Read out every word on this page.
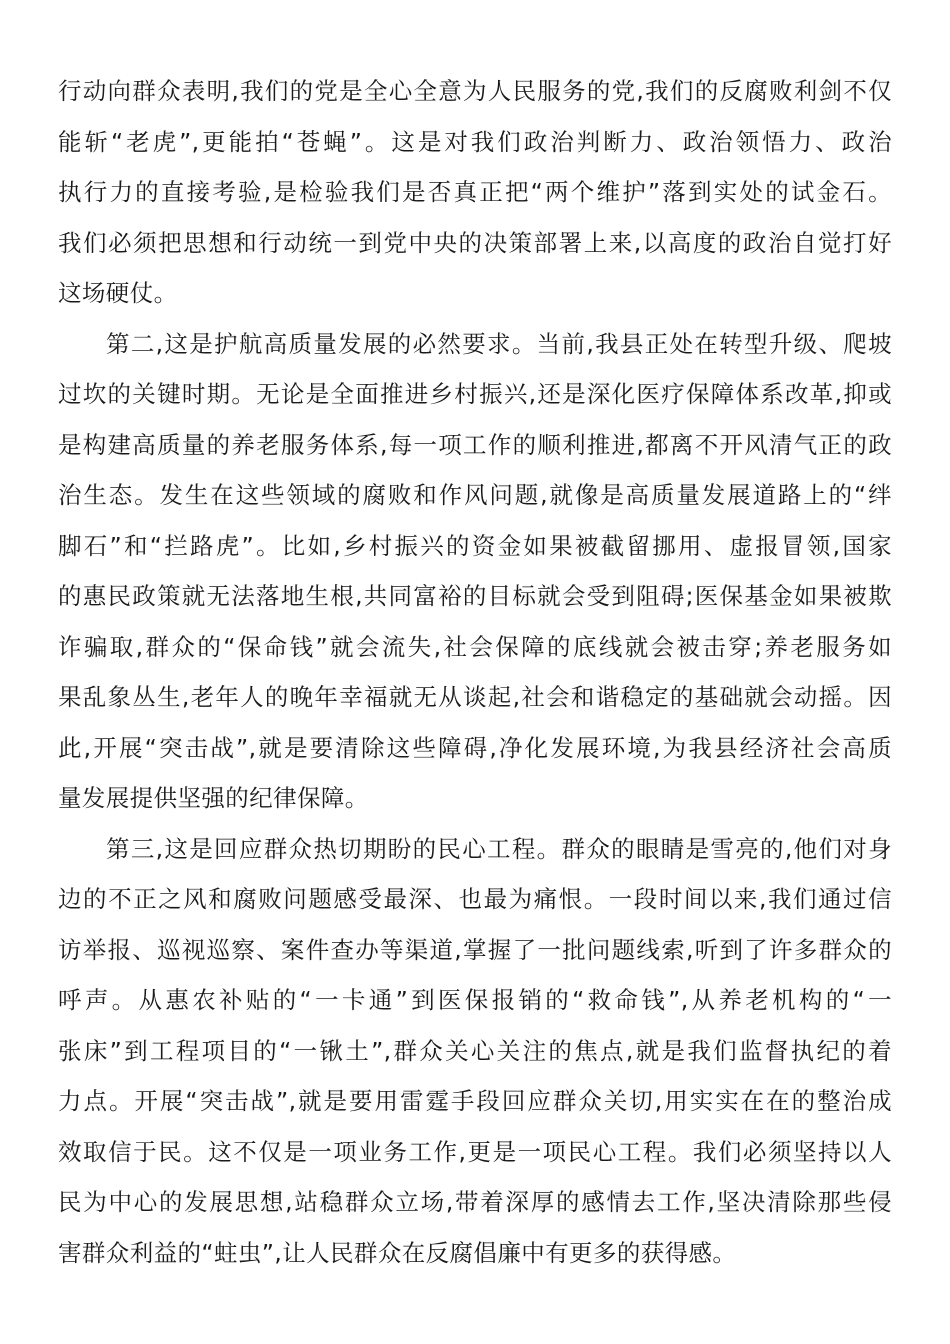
行动向群众表明,我们的党是全心全意为人民服务的党,我们的反腐败利剑不仅
能斩“老虎”,更能拍“苍蝇”。这是对我们政治判断力、政治领悟力、政治
执行力的直接考验,是检验我们是否真正把“两个维护”落到实处的试金石。
我们必须把思想和行动统一到党中央的决策部署上来,以高度的政治自觉打好
这场硬仗。
第二,这是护航高质量发展的必然要求。当前,我县正处在转型升级、爬坡
过坎的关键时期。无论是全面推进乡村振兴,还是深化医疗保障体系改革,抑或
是构建高质量的养老服务体系,每一项工作的顺利推进,都离不开风清气正的政
治生态。发生在这些领域的腐败和作风问题,就像是高质量发展道路上的“绊
脚石”和“拦路虎”。比如,乡村振兴的资金如果被截留挪用、虚报冒领,国家
的惠民政策就无法落地生根,共同富裕的目标就会受到阻碍;医保基金如果被欺
诈骗取,群众的“保命钱”就会流失,社会保障的底线就会被击穿;养老服务如
果乱象丛生,老年人的晚年幸福就无从谈起,社会和谐稳定的基础就会动摇。因
此,开展“突击战”,就是要清除这些障碍,净化发展环境,为我县经济社会高质
量发展提供坚强的纪律保障。
第三,这是回应群众热切期盼的民心工程。群众的眼睛是雪亮的,他们对身
边的不正之风和腐败问题感受最深、也最为痛恨。一段时间以来,我们通过信
访举报、巡视巡察、案件查办等渠道,掌握了一批问题线索,听到了许多群众的
呼声。从惠农补贴的“一卡通”到医保报销的“救命钱”,从养老机构的“一
张床”到工程项目的“一锹土”,群众关心关注的焦点,就是我们监督执纪的着
力点。开展“突击战”,就是要用雷霆手段回应群众关切,用实实在在的整治成
效取信于民。这不仅是一项业务工作,更是一项民心工程。我们必须坚持以人
民为中心的发展思想,站稳群众立场,带着深厚的感情去工作,坚决清除那些侵
害群众利益的“蛀虫”,让人民群众在反腐倡廉中有更多的获得感。
